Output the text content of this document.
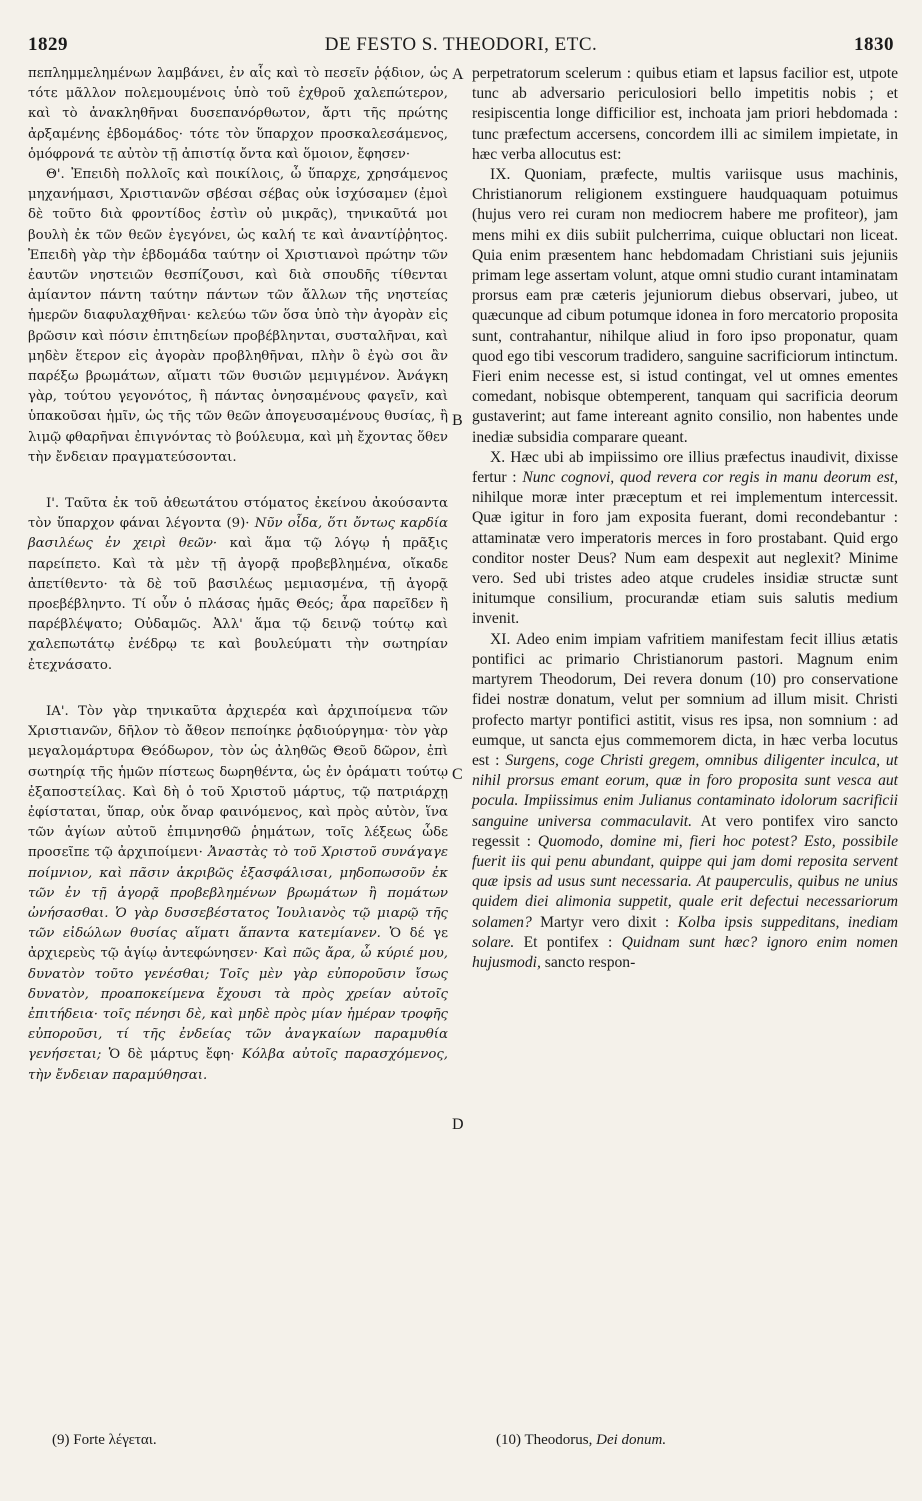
1829	DE FESTO S. THEODORI, ETC.	1830

πεπλημμελημένων λαμβάνει, ἐν αἷς καὶ τὸ πεσεῖν ῥᾴδιον, ὡς τότε μᾶλλον πολεμουμένοις ὑπὸ τοῦ ἐχθροῦ χαλεπώτερον, καὶ τὸ ἀνακληθῆναι δυσεπανόρθωτον, ἄρτι τῆς πρώτης ἀρξαμένης ἑβδομάδος· τότε τὸν ὕπαρχον προσκαλεσάμενος, ὁμόφρονά τε αὐτὸν τῇ ἀπιστίᾳ ὄντα καὶ ὅμοιον, ἔφησεν·

Θ'. Ἐπειδὴ πολλοῖς καὶ ποικίλοις, ὦ ὕπαρχε, χρησάμενος μηχανήμασι, Χριστιανῶν σβέσαι σέβας οὐκ ἰσχύσαμεν (ἐμοὶ δὲ τοῦτο διὰ φροντίδος ἐστὶν οὐ μικρᾶς), τηνικαῦτά μοι βουλὴ ἐκ τῶν θεῶν ἐγεγόνει, ὡς καλή τε καὶ ἀναντίῤῥητος. Ἐπειδὴ γὰρ τὴν ἑβδομάδα ταύτην οἱ Χριστιανοὶ πρώτην τῶν ἑαυτῶν νηστειῶν θεσπίζουσι, καὶ διὰ σπουδῆς τίθενται ἀμίαντον πάντη ταύτην πάντων τῶν ἄλλων τῆς νηστείας ἡμερῶν διαφυλαχθῆναι· κελεύω τῶν ὅσα ὑπὸ τὴν ἀγορὰν εἰς βρῶσιν καὶ πόσιν ἐπιτηδείων προβέβληνται, συσταλῆναι, καὶ μηδὲν ἕτερον εἰς ἀγορὰν προβληθῆναι, πλὴν ὃ ἐγὼ σοι ἂν παρέξω βρωμάτων, αἵματι τῶν θυσιῶν μεμιγμένον. Ἀνάγκη γὰρ, τούτου γεγονότος, ἢ πάντας ὀνησαμένους φαγεῖν, καὶ ὑπακοῦσαι ἡμῖν, ὡς τῆς τῶν θεῶν ἀπογευσαμένους θυσίας, ἢ λιμῷ φθαρῆναι ἐπιγνόντας τὸ βούλευμα, καὶ μὴ ἔχοντας ὅθεν τὴν ἔνδειαν πραγματεύσονται.

Ι'. Ταῦτα ἐκ τοῦ ἀθεωτάτου στόματος ἐκείνου ἀκούσαντα τὸν ὕπαρχον φάναι λέγοντα (9)· Νῦν οἶδα, ὅτι ὄντως καρδία βασιλέως ἐν χειρὶ θεῶν· καὶ ἅμα τῷ λόγῳ ἡ πρᾶξις παρείπετο. Καὶ τὰ μὲν τῇ ἀγορᾷ προβεβλημένα, οἴκαδε ἀπετίθεντο· τὰ δὲ τοῦ βασιλέως μεμιασμένα, τῇ ἀγορᾷ προεβέβληντο. Τί οὖν ὁ πλάσας ἡμᾶς Θεός; ἆρα παρεῖδεν ἢ παρέβλέψατο; Οὐδαμῶς. Ἀλλ' ἅμα τῷ δεινῷ τούτῳ καὶ χαλεπωτάτῳ ἐνέδρῳ τε καὶ βουλεύματι τὴν σωτηρίαν ἐτεχνάσατο.

ΙΑ'. Τὸν γὰρ τηνικαῦτα ἀρχιερέα καὶ ἀρχιποίμενα τῶν Χριστιανῶν, δῆλον τὸ ἄθεον πεποίηκε ῥᾳδιούργημα· τὸν γὰρ μεγαλομάρτυρα Θεόδωρον, τὸν ὡς ἀληθῶς Θεοῦ δῶρον, ἐπὶ σωτηρίᾳ τῆς ἡμῶν πίστεως δωρηθέντα, ὡς ἐν ὁράματι τούτῳ ἐξαποστείλας. Καὶ δὴ ὁ τοῦ Χριστοῦ μάρτυς, τῷ πατριάρχῃ ἐφίσταται, ὕπαρ, οὐκ ὄναρ φαινόμενος, καὶ πρὸς αὐτὸν, ἵνα τῶν ἁγίων αὐτοῦ ἐπιμνησθῶ ῥημάτων, τοῖς λέξεως ὧδε προσεῖπε τῷ ἀρχιποίμενι· Ἀναστὰς τὸ τοῦ Χριστοῦ συνάγαγε ποίμνιον, καὶ πᾶσιν ἀκριβῶς ἐξασφάλισαι, μηδοπωσοῦν ἐκ τῶν ἐν τῇ ἀγορᾷ προβεβλημένων βρωμάτων ἢ πομάτων ὠνήσασθαι. Ὁ γὰρ δυσσεβέστατος Ἰουλιανὸς τῷ μιαρῷ τῆς τῶν εἰδώλων θυσίας αἵματι ἅπαντα κατεμίανεν. Ὁ δέ γε ἀρχιερεὺς τῷ ἁγίῳ ἀντεφώνησεν· Καὶ πῶς ἄρα, ὦ κύριέ μου, δυνατὸν τοῦτο γενέσθαι; Τοῖς μὲν γὰρ εὐποροῦσιν ἴσως δυνατὸν, προαποκείμενα ἔχουσι τὰ πρὸς χρείαν αὐτοῖς ἐπιτήδεια· τοῖς πένησι δὲ, καὶ μηδὲ πρὸς μίαν ἡμέραν τροφῆς εὐποροῦσι, τί τῆς ἐνδείας τῶν ἀναγκαίων παραμυθία γενήσεται; Ὁ δὲ μάρτυς ἔφη· Κόλβα αὐτοῖς παρασχόμενος, τὴν ἔνδειαν παραμύθησαι.

A
B
C
D

perpetratorum scelerum : quibus etiam et lapsus facilior est, utpote tunc ab adversario periculosiori bello impetitis nobis ; et resipiscentia longe difficilior est, inchoata jam priori hebdomada : tunc præfectum accersens, concordem illi ac similem impietate, in hæc verba allocutus est:

IX. Quoniam, præfecte, multis variisque usus machinis, Christianorum religionem exstinguere haudquaquam potuimus (hujus vero rei curam non mediocrem habere me profiteor), jam mens mihi ex diis subiit pulcherrima, cuique obluctari non liceat. Quia enim præsentem hanc hebdomadam Christiani suis jejuniis primam lege assertam volunt, atque omni studio curant intaminatam prorsus eam præ cæteris jejuniorum diebus observari, jubeo, ut quæcunque ad cibum potumque idonea in foro mercatorio proposita sunt, contrahantur, nihilque aliud in foro ipso proponatur, quam quod ego tibi vescorum tradidero, sanguine sacrificiorum intinctum. Fieri enim necesse est, si istud contingat, vel ut omnes ementes comedant, nobisque obtemperent, tanquam qui sacrificia deorum gustaverint; aut fame intereant agnito consilio, non habentes unde inediæ subsidia comparare queant.

X. Hæc ubi ab impiissimo ore illius præfectus inaudivit, dixisse fertur : Nunc cognovi, quod revera cor regis in manu deorum est, nihilque moræ inter præceptum et rei implementum intercessit. Quæ igitur in foro jam exposita fuerant, domi recondebantur : attaminatæ vero imperatoris merces in foro prostabant. Quid ergo conditor noster Deus? Num eam despexit aut neglexit? Minime vero. Sed ubi tristes adeo atque crudeles insidiæ structæ sunt initumque consilium, procurandæ etiam suis salutis medium invenit.

XI. Adeo enim impiam vafritiem manifestam fecit illius ætatis pontifici ac primario Christianorum pastori. Magnum enim martyrem Theodorum, Dei revera donum (10) pro conservatione fidei nostræ donatum, velut per somnium ad illum misit. Christi profecto martyr pontifici astitit, visus res ipsa, non somnium : ad eumque, ut sancta ejus commemorem dicta, in hæc verba locutus est : Surgens, coge Christi gregem, omnibus diligenter inculca, ut nihil prorsus emant eorum, quæ in foro proposita sunt vesca aut pocula. Impiissimus enim Julianus contaminato idolorum sacrificii sanguine universa commaculavit. At vero pontifex viro sancto regessit : Quomodo, domine mi, fieri hoc potest? Esto, possibile fuerit iis qui penu abundant, quippe qui jam domi reposita servent quæ ipsis ad usus sunt necessaria. At pauperculis, quibus ne unius quidem diei alimonia suppetit, quale erit defectui necessariorum solamen? Martyr vero dixit : Kolba ipsis suppeditans, inediam solare. Et pontifex : Quidnam sunt hæc? ignoro enim nomen hujusmodi, sancto respon-

(9) Forte λέγεται.	(10) Theodorus, Dei donum.
